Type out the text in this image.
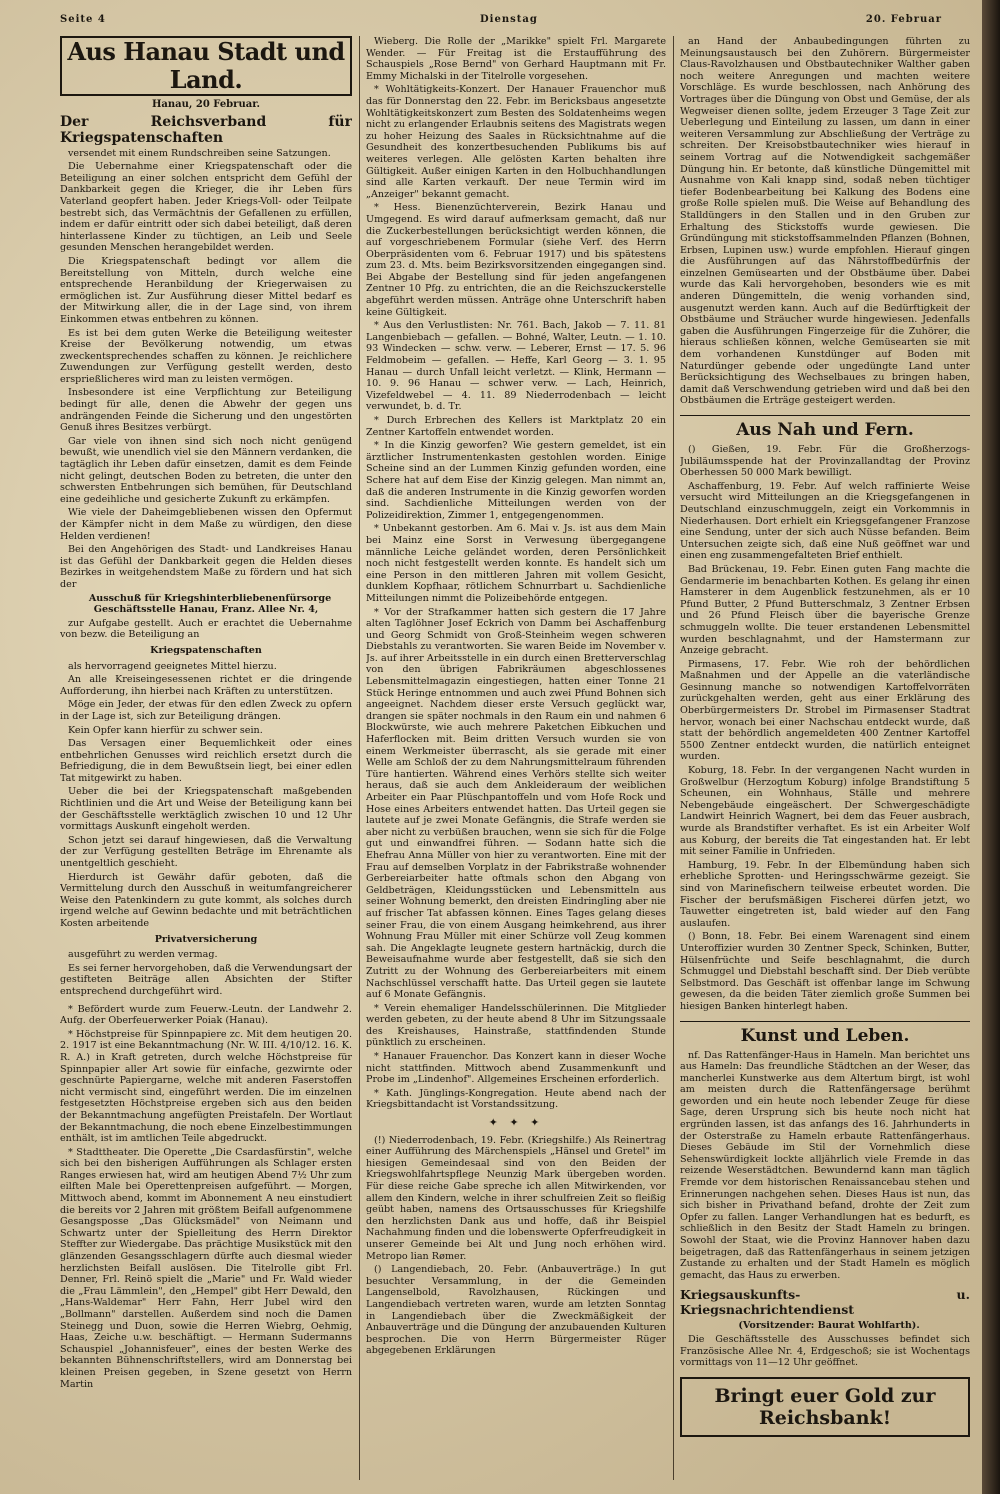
Seite 4	Dienstag	20. Februar
Aus Hanau Stadt und Land.
Hanau, 20 Februar.
Der Reichsverband für Kriegspatenschaften

versendet mit einem Rundschreiben seine Satzungen.

Die Uebernahme einer Kriegspatenschaft oder die Beteiligung an einer solchen entspricht dem Gefühl der Dankbarkeit gegen die Krieger, die ihr Leben fürs Vaterland geopfert haben. Jeder Kriegs-Voll- oder Teilpate bestrebt sich, das Vermächtnis der Gefallenen zu erfüllen, indem er dafür eintritt oder sich dabei beteiligt, daß deren hinterlassene Kinder zu tüchtigen, an Leib und Seele gesunden Menschen herangebildet werden.

Die Kriegspatenschaft bedingt vor allem die Bereitstellung von Mitteln, durch welche eine entsprechende Heranbildung der Kriegerwaisen zu ermöglichen ist. Zur Ausführung dieser Mittel bedarf es der Mitwirkung aller, die in der Lage sind, von ihrem Einkommen etwas entbehren zu können.

Es ist bei dem guten Werke die Beteiligung weitester Kreise der Bevölkerung notwendig, um etwas zweckentsprechendes schaffen zu können. Je reichlichere Zuwendungen zur Verfügung gestellt werden, desto ersprießlicheres wird man zu leisten vermögen.

Insbesondere ist eine Verpflichtung zur Beteiligung bedingt für alle, denen die Abwehr der gegen uns andrängenden Feinde die Sicherung und den ungestörten Genuß ihres Besitzes verbürgt.

Gar viele von ihnen sind sich noch nicht genügend bewußt, wie unendlich viel sie den Männern verdanken, die tagtäglich ihr Leben dafür einsetzen, damit es dem Feinde nicht gelingt, deutschen Boden zu betreten, die unter den schwersten Entbehrungen sich bemühen, für Deutschland eine gedeihliche und gesicherte Zukunft zu erkämpfen.

Wie viele der Daheimgebliebenen wissen den Opfermut der Kämpfer nicht in dem Maße zu würdigen, den diese Helden verdienen!

Bei den Angehörigen des Stadt- und Landkreises Hanau ist das Gefühl der Dankbarkeit gegen die Helden dieses Bezirkes in weitgehendstem Maße zu fördern und hat sich der

Ausschuß für Kriegshinterbliebenenfürsorge Geschäftsstelle Hanau, Franz. Allee Nr. 4,

zur Aufgabe gestellt. Auch er erachtet die Uebernahme von bezw. die Beteiligung an

Kriegspatenschaften

als hervorragend geeignetes Mittel hierzu.

An alle Kreiseingesessenen richtet er die dringende Aufforderung, ihn hierbei nach Kräften zu unterstützen.

Möge ein Jeder, der etwas für den edlen Zweck zu opfern in der Lage ist, sich zur Beteiligung drängen.

Kein Opfer kann hierfür zu schwer sein.

Das Versagen einer Bequemlichkeit oder eines entbehrlichen Genusses wird reichlich ersetzt durch die Befriedigung, die in dem Bewußtsein liegt, bei einer edlen Tat mitgewirkt zu haben.

Ueber die bei der Kriegspatenschaft maßgebenden Richtlinien und die Art und Weise der Beteiligung kann bei der Geschäftsstelle werktäglich zwischen 10 und 12 Uhr vormittags Auskunft eingeholt werden.

Schon jetzt sei darauf hingewiesen, daß die Verwaltung der zur Verfügung gestellten Beträge im Ehrenamte als unentgeltlich geschieht.

Hierdurch ist Gewähr dafür geboten, daß die Vermittelung durch den Ausschuß in weitumfangreicherer Weise den Patenkindern zu gute kommt, als solches durch irgend welche auf Gewinn bedachte und mit beträchtlichen Kosten arbeitende

Privatversicherung

ausgeführt zu werden vermag.

Es sei ferner hervorgehoben, daß die Verwendungsart der gestifteten Beiträge allen Absichten der Stifter entsprechend durchgeführt wird.

* Befördert wurde zum Feuerw.-Leutn. der Landwehr 2. Aufg. der Oberfeuerwerker Poiak (Hanau).

* Höchstpreise für Spinnpapiere zc. Mit dem heutigen 20. 2. 1917 ist eine Bekanntmachung (Nr. W. III. 4/10/12. 16. K. R. A.) in Kraft getreten, durch welche Höchstpreise für Spinnpapier aller Art sowie für einfache, gezwirnte oder geschnürte Papiergarne, welche mit anderen Faserstoffen nicht vermischt sind, eingeführt werden. Die im einzelnen festgesetzten Höchstpreise ergeben sich aus den beiden der Bekanntmachung angefügten Preistafeln. Der Wortlaut der Bekanntmachung, die noch ebene Einzelbestimmungen enthält, ist im amtlichen Teile abgedruckt.

* Stadttheater. Die Operette „Die Csardasfürstin", welche sich bei den bisherigen Aufführungen als Schlager ersten Ranges erwiesen hat, wird am heutigen Abend 7½ Uhr zum eilften Male bei Operettenpreisen aufgeführt. — Morgen, Mittwoch abend, kommt im Abonnement A neu einstudiert die bereits vor 2 Jahren mit größtem Beifall aufgenommene Gesangsposse „Das Glücksmädel" von Neimann und Schwartz unter der Spielleitung des Herrn Direktor Steffter zur Wiedergabe. Das prächtige Musikstück mit den glänzenden Gesangsschlagern dürfte auch diesmal wieder herzlichsten Beifall auslösen. Die Titelrolle gibt Frl. Denner, Frl. Reinö spielt die „Marie" und Fr. Wald wieder die „Frau Lämmlein", den „Hempel" gibt Herr Dewald, den „Hans-Waldemar" Herr Fahn, Herr Jubel wird den „Bollmann" darstellen. Außerdem sind noch die Damen Steinegg und Duon, sowie die Herren Wiebrg, Oehmig, Haas, Zeiche u.w. beschäftigt. — Hermann Sudermanns Schauspiel „Johannisfeuer", eines der besten Werke des bekannten Bühnenschriftstellers, wird am Donnerstag bei kleinen Preisen gegeben, in Szene gesetzt von Herrn Martin

Wieberg. Die Rolle der „Marikke" spielt Frl. Margarete Wender. — Für Freitag ist die Erstaufführung des Schauspiels „Rose Bernd" von Gerhard Hauptmann mit Fr. Emmy Michalski in der Titelrolle vorgesehen.

* Wohltätigkeits-Konzert. Der Hanauer Frauenchor muß das für Donnerstag den 22. Febr. im Bericksbaus angesetzte Wohltätigkeitskonzert zum Besten des Soldatenheims wegen nicht zu erlangender Erlaubnis seitens des Magistrats wegen zu hoher Heizung des Saales in Rücksichtnahme auf die Gesundheit des konzertbesuchenden Publikums bis auf weiteres verlegen. Alle gelösten Karten behalten ihre Gültigkeit. Außer einigen Karten in den Holbuchhandlungen sind alle Karten verkauft. Der neue Termin wird im „Anzeiger" bekannt gemacht.

* Hess. Bienenzüchterverein, Bezirk Hanau und Umgegend. Es wird darauf aufmerksam gemacht, daß nur die Zuckerbestellungen berücksichtigt werden können, die auf vorgeschriebenem Formular (siehe Verf. des Herrn Oberpräsidenten vom 6. Februar 1917) und bis spätestens zum 23. d. Mts. beim Bezirksvorsitzenden eingegangen sind. Bei Abgabe der Bestellung sind für jeden angefangenen Zentner 10 Pfg. zu entrichten, die an die Reichszuckerstelle abgeführt werden müssen. Anträge ohne Unterschrift haben keine Gültigkeit.

* Aus den Verlustlisten: Nr. 761. Bach, Jakob — 7. 11. 81 Langenbiebach — gefallen. — Bohné, Walter, Leutn. — 1. 10. 93 Windecken — schw. verw. — Leberer, Ernst — 17. 5. 96 Feldmobeim — gefallen. — Heffe, Karl Georg — 3. 1. 95 Hanau — durch Unfall leicht verletzt. — Klink, Hermann — 10. 9. 96 Hanau — schwer verw. — Lach, Heinrich, Vizefeldwebel — 4. 11. 89 Niederrodenbach — leicht verwundet, b. d. Tr.

* Durch Erbrechen des Kellers ist Marktplatz 20 ein Zentner Kartoffeln entwendet worden.

* In die Kinzig geworfen? Wie gestern gemeldet, ist ein ärztlicher Instrumentenkasten gestohlen worden. Einige Scheine sind an der Lummen Kinzig gefunden worden, eine Schere hat auf dem Eise der Kinzig gelegen. Man nimmt an, daß die anderen Instrumente in die Kinzig geworfen worden sind. Sachdienliche Mitteilungen werden von der Polizeidirektion, Zimmer 1, entgegengenommen.

* Unbekannt gestorben. Am 6. Mai v. Js. ist aus dem Main bei Mainz eine Sorst in Verwesung übergegangene männliche Leiche geländet worden, deren Persönlichkeit noch nicht festgestellt werden konnte. Es handelt sich um eine Person in den mittleren Jahren mit vollem Gesicht, dunklem Kopfhaar, rötlichem Schnurrbart u. Sachdienliche Mitteilungen nimmt die Polizeibehörde entgegen.

* Vor der Strafkammer hatten sich gestern die 17 Jahre alten Taglöhner Josef Eckrich von Damm bei Aschaffenburg und Georg Schmidt von Groß-Steinheim wegen schweren Diebstahls zu verantworten. Sie waren Beide im November v. Js. auf ihrer Arbeitsstelle in ein durch einen Bretterverschlag von den übrigen Fabrikräumen abgeschlossenes Lebensmittelmagazin eingestiegen, hatten einer Tonne 21 Stück Heringe entnommen und auch zwei Pfund Bohnen sich angeeignet. Nachdem dieser erste Versuch geglückt war, drangen sie später nochmals in den Raum ein und nahmen 6 Blockwürste, wie auch mehrere Paketchen Eibkuchen und Haferflocken mit. Beim dritten Versuch wurden sie von einem Werkmeister überrascht, als sie gerade mit einer Welle am Schloß der zu dem Nahrungsmittelraum führenden Türe hantierten. Während eines Verhörs stellte sich weiter heraus, daß sie auch dem Ankleideraum der weiblichen Arbeiter ein Paar Plüschpantoffeln und vom Hofe Rock und Hose eines Arbeiters entwendet hatten. Das Urteil gegen sie lautete auf je zwei Monate Gefängnis, die Strafe werden sie aber nicht zu verbüßen brauchen, wenn sie sich für die Folge gut und einwandfrei führen. — Sodann hatte sich die Ehefrau Anna Müller von hier zu verantworten. Eine mit der Frau auf demselben Vorplatz in der Fabrikstraße wohnender Gerbereiarbeiter hatte oftmals schon den Abgang von Geldbeträgen, Kleidungsstücken und Lebensmitteln aus seiner Wohnung bemerkt, den dreisten Eindringling aber nie auf frischer Tat abfassen können. Eines Tages gelang dieses seiner Frau, die von einem Ausgang heimkehrend, aus ihrer Wohnung Frau Müller mit einer Schürze voll Zeug kommen sah. Die Angeklagte leugnete gestern hartnäckig, durch die Beweisaufnahme wurde aber festgestellt, daß sie sich den Zutritt zu der Wohnung des Gerbereiarbeiters mit einem Nachschlüssel verschafft hatte. Das Urteil gegen sie lautete auf 6 Monate Gefängnis.

* Verein ehemaliger Handelsschülerinnen. Die Mitglieder werden gebeten, zu der heute abend 8 Uhr im Sitzungssaale des Kreishauses, Hainstraße, stattfindenden Stunde pünktlich zu erscheinen.

* Hanauer Frauenchor. Das Konzert kann in dieser Woche nicht stattfinden. Mittwoch abend Zusammenkunft und Probe im „Lindenhof". Allgemeines Erscheinen erforderlich.

* Kath. Jünglings-Kongregation. Heute abend nach der Kriegsbittandacht ist Vorstandssitzung.

✦ ✦ ✦

(!) Niederrodenbach, 19. Febr. (Kriegshilfe.) Als Reinertrag einer Aufführung des Märchenspiels „Hänsel und Gretel" im hiesigen Gemeindesaal sind von den Beiden der Kriegswohlfahrtspflege Neunzig Mark übergeben worden. Für diese reiche Gabe spreche ich allen Mitwirkenden, vor allem den Kindern, welche in ihrer schulfreien Zeit so fleißig geübt haben, namens des Ortsausschusses für Kriegshilfe den herzlichsten Dank aus und hoffe, daß ihr Beispiel Nachahmung finden und die lobenswerte Opferfreudigkeit in unserer Gemeinde bei Alt und Jung noch erhöhen wird. Metropo lian Rømer.

() Langendiebach, 20. Febr. (Anbauverträge.) In gut besuchter Versammlung, in der die Gemeinden Langenselbold, Ravolzhausen, Rückingen und Langendiebach vertreten waren, wurde am letzten Sonntag in Langendiebach über die Zweckmäßigkeit der Anbauverträge und die Düngung der anzubauenden Kulturen besprochen. Die von Herrn Bürgermeister Rüger abgegebenen Erklärungen

an Hand der Anbaubedingungen führten zu Meinungsaustausch bei den Zuhörern. Bürgermeister Claus-Ravolzhausen und Obstbautechniker Walther gaben noch weitere Anregungen und machten weitere Vorschläge. Es wurde beschlossen, nach Anhörung des Vortrages über die Düngung von Obst und Gemüse, der als Wegweiser dienen sollte, jedem Erzeuger 3 Tage Zeit zur Ueberlegung und Einteilung zu lassen, um dann in einer weiteren Versammlung zur Abschließung der Verträge zu schreiten. Der Kreisobstbautechniker wies hierauf in seinem Vortrag auf die Notwendigkeit sachgemäßer Düngung hin. Er betonte, daß künstliche Düngemittel mit Ausnahme von Kali knapp sind, sodaß neben tüchtiger tiefer Bodenbearbeitung bei Kalkung des Bodens eine große Rolle spielen muß. Die Weise auf Behandlung des Stalldüngers in den Stallen und in den Gruben zur Erhaltung des Stickstoffs wurde gewiesen. Die Gründüngung mit stickstoffsammelnden Pflanzen (Bohnen, Erbsen, Lupinen usw.) wurde empfohlen. Hierauf gingen die Ausführungen auf das Nährstoffbedürfnis der einzelnen Gemüsearten und der Obstbäume über. Dabei wurde das Kali hervorgehoben, besonders wie es mit anderen Düngemitteln, die wenig vorhanden sind, ausgenutzt werden kann. Auch auf die Bedürftigkeit der Obstbäume und Sträucher wurde hingewiesen. Jedenfalls gaben die Ausführungen Fingerzeige für die Zuhörer, die hieraus schließen können, welche Gemüsearten sie mit dem vorhandenen Kunstdünger auf Boden mit Naturdünger gebende oder ungedüngte Land unter Berücksichtigung des Wechselbaues zu bringen haben, damit daß Verschwendung getrieben wird und daß bei den Obstbäumen die Erträge gesteigert werden.

Aus Nah und Fern.

() Gießen, 19. Febr. Für die Großherzogs-Jubiläumsspende hat der Provinzallandtag der Provinz Oberhessen 50 000 Mark bewilligt.

Aschaffenburg, 19. Febr. Auf welch raffinierte Weise versucht wird Mitteilungen an die Kriegsgefangenen in Deutschland einzuschmuggeln, zeigt ein Vorkommnis in Niederhausen. Dort erhielt ein Kriegsgefangener Franzose eine Sendung, unter der sich auch Nüsse befanden. Beim Untersuchen zeigte sich, daß eine Nuß geöffnet war und einen eng zusammengefalteten Brief enthielt.

Bad Brückenau, 19. Febr. Einen guten Fang machte die Gendarmerie im benachbarten Kothen. Es gelang ihr einen Hamsterer in dem Augenblick festzunehmen, als er 10 Pfund Butter, 2 Pfund Butterschmalz, 3 Zentner Erbsen und 26 Pfund Fleisch über die bayerische Grenze schmuggeln wollte. Die teuer erstandenen Lebensmittel wurden beschlagnahmt, und der Hamstermann zur Anzeige gebracht.

Pirmasens, 17. Febr. Wie roh der behördlichen Maßnahmen und der Appelle an die vaterländische Gesinnung manche so notwendigen Kartoffelvorräten zurückgehalten werden, geht aus einer Erklärung des Oberbürgermeisters Dr. Strobel im Pirmasenser Stadtrat hervor, wonach bei einer Nachschau entdeckt wurde, daß statt der behördlich angemeldeten 400 Zentner Kartoffel 5500 Zentner entdeckt wurden, die natürlich enteignet wurden.

Koburg, 18. Febr. In der vergangenen Nacht wurden in Großwelbur (Herzogtum Koburg) infolge Brandstiftung 5 Scheunen, ein Wohnhaus, Ställe und mehrere Nebengebäude eingeäschert. Der Schwergeschädigte Landwirt Heinrich Wagnert, bei dem das Feuer ausbrach, wurde als Brandstifter verhaftet. Es ist ein Arbeiter Wolf aus Koburg, der bereits die Tat eingestanden hat. Er lebt mit seiner Familie in Unfrieden.

Hamburg, 19. Febr. In der Elbemündung haben sich erhebliche Sprotten- und Heringsschwärme gezeigt. Sie sind von Marinefischern teilweise erbeutet worden. Die Fischer der berufsmäßigen Fischerei dürfen jetzt, wo Tauwetter eingetreten ist, bald wieder auf den Fang auslaufen.

() Bonn, 18. Febr. Bei einem Warenagent sind einem Unteroffizier wurden 30 Zentner Speck, Schinken, Butter, Hülsenfrüchte und Seife beschlagnahmt, die durch Schmuggel und Diebstahl beschafft sind. Der Dieb verübte Selbstmord. Das Geschäft ist offenbar lange im Schwung gewesen, da die beiden Täter ziemlich große Summen bei hiesigen Banken hinterlegt haben.

Kunst und Leben.

nf. Das Rattenfänger-Haus in Hameln. Man berichtet uns aus Hameln: Das freundliche Städtchen an der Weser, das mancherlei Kunstwerke aus dem Altertum birgt, ist wohl am meisten durch die Rattenfängersage berühmt geworden und ein heute noch lebender Zeuge für diese Sage, deren Ursprung sich bis heute noch nicht hat ergründen lassen, ist das anfangs des 16. Jahrhunderts in der Osterstraße zu Hameln erbaute Rattenfängerhaus. Dieses Gebäude im Stil der Vornehmlich diese Sehenswürdigkeit lockte alljährlich viele Fremde in das reizende Weserstädtchen. Bewundernd kann man täglich Fremde vor dem historischen Renaissancebau stehen und Erinnerungen nachgehen sehen. Dieses Haus ist nun, das sich bisher in Privathand befand, drohte der Zeit zum Opfer zu fallen. Langer Verhandlungen hat es bedurft, es schließlich in den Besitz der Stadt Hameln zu bringen. Sowohl der Staat, wie die Provinz Hannover haben dazu beigetragen, daß das Rattenfängerhaus in seinem jetzigen Zustande zu erhalten und der Stadt Hameln es möglich gemacht, das Haus zu erwerben.

Kriegsauskunfts- u. Kriegsnachrichtendienst

(Vorsitzender: Baurat Wohlfarth).

Die Geschäftsstelle des Ausschusses befindet sich Französische Allee Nr. 4, Erdgeschoß; sie ist Wochentags vormittags von 11—12 Uhr geöffnet.

Bringt euer Gold zur Reichsbank!
